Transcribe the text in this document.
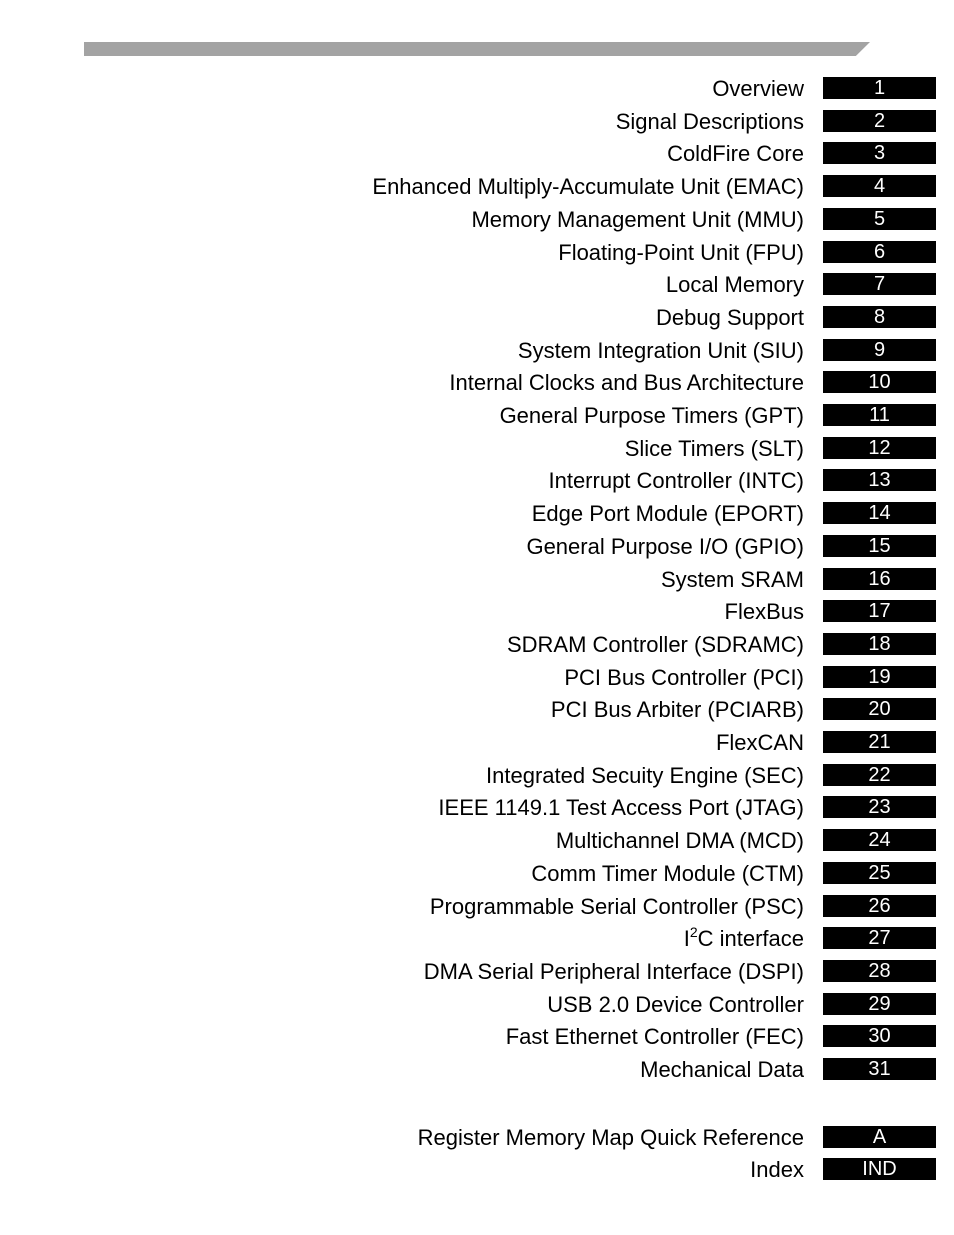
Overview	1
Signal Descriptions	2
ColdFire Core	3
Enhanced Multiply-Accumulate Unit (EMAC)	4
Memory Management Unit (MMU)	5
Floating-Point Unit (FPU)	6
Local Memory	7
Debug Support	8
System Integration Unit (SIU)	9
Internal Clocks and Bus Architecture	10
General Purpose Timers (GPT)	11
Slice Timers (SLT)	12
Interrupt Controller (INTC)	13
Edge Port Module (EPORT)	14
General Purpose I/O (GPIO)	15
System SRAM	16
FlexBus	17
SDRAM Controller (SDRAMC)	18
PCI Bus Controller (PCI)	19
PCI Bus Arbiter (PCIARB)	20
FlexCAN	21
Integrated Secuity Engine (SEC)	22
IEEE 1149.1 Test Access Port (JTAG)	23
Multichannel DMA (MCD)	24
Comm Timer Module (CTM)	25
Programmable Serial Controller (PSC)	26
$I^2C$ interface	27
DMA Serial Peripheral Interface (DSPI)	28
USB 2.0 Device Controller	29
Fast Ethernet Controller (FEC)	30
Mechanical Data	31
Register Memory Map Quick Reference	A
Index	IND
